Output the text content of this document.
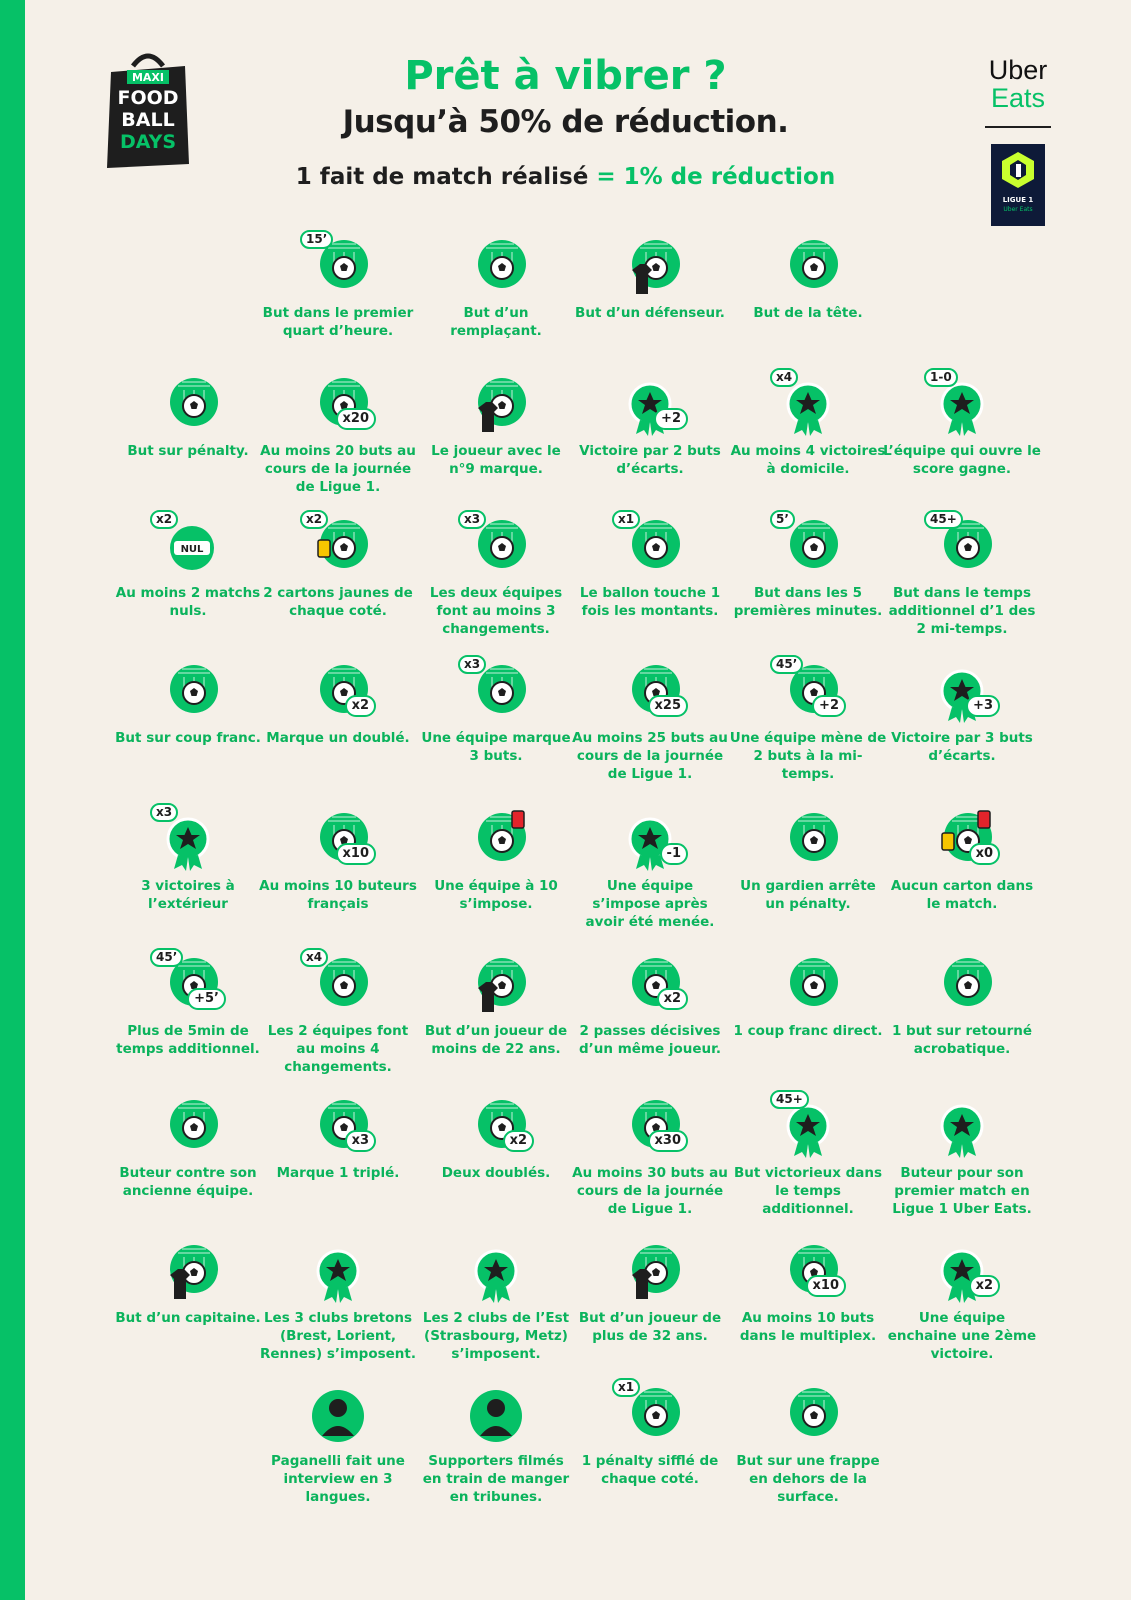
MAXI
FOOD
BALL
DAYS

Prêt à vibrer ?

Jusqu’à 50% de réduction.

1 fait de match réalisé = 1% de réduction
Uber
Eats
LIGUE 1
Uber Eats
15’
But dans le premier quart d’heure.
But d’un remplaçant.
But d’un défenseur.	But de la tête.
But sur pénalty.
x20
Au moins 20 buts au cours de la journée de Ligue 1.
Le joueur avec le n°9 marque.
+2
Victoire par 2 buts d’écarts.
x4
Au moins 4 victoires à domicile.
1-0
L’équipe qui ouvre le score gagne.
NUL
x2
Au moins 2 matchs nuls.
x2
2 cartons jaunes de chaque coté.
x3
Les deux équipes font au moins 3 changements.
x1
Le ballon touche 1 fois les montants.
5’
But dans les 5 premières minutes.
45+
But dans le temps additionnel d’1 des 2 mi-temps.
But sur coup franc.
x2
Marque un doublé.
x3
Une équipe marque 3 buts.
x25
Au moins 25 buts au cours de la journée de Ligue 1.
45’
+2
Une équipe mène de 2 buts à la mi-temps.
+3
Victoire par 3 buts d’écarts.
x3
3 victoires à l’extérieur
x10
Au moins 10 buteurs français
Une équipe à 10 s’impose.
-1
Une équipe s’impose après avoir été menée.
Un gardien arrête un pénalty.
x0
Aucun carton dans le match.
45’
+5’
Plus de 5min de temps additionnel.
x4
Les 2 équipes font au moins 4 changements.
But d’un joueur de moins de 22 ans.
x2
2 passes décisives d’un même joueur.
1 coup franc direct. 1 but sur retourné acrobatique.
Buteur contre son ancienne équipe.
x3
Marque 1 triplé.
x2
Deux doublés.
x30
Au moins 30 buts au cours de la journée de Ligue 1.
45+
But victorieux dans le temps additionnel.
Buteur pour son premier match en Ligue 1 Uber Eats.
But d’un capitaine. Les 3 clubs bretons (Brest, Lorient, Rennes) s’imposent.
Les 2 clubs de l’Est (Strasbourg, Metz) s’imposent.
But d’un joueur de plus de 32 ans.
x10
Au moins 10 buts dans le multiplex.
x2
Une équipe enchaine une 2ème victoire.
Paganelli fait une interview en 3 langues.
Supporters filmés en train de manger en tribunes.
x1
1 pénalty sifflé de chaque coté.
But sur une frappe en dehors de la surface.
